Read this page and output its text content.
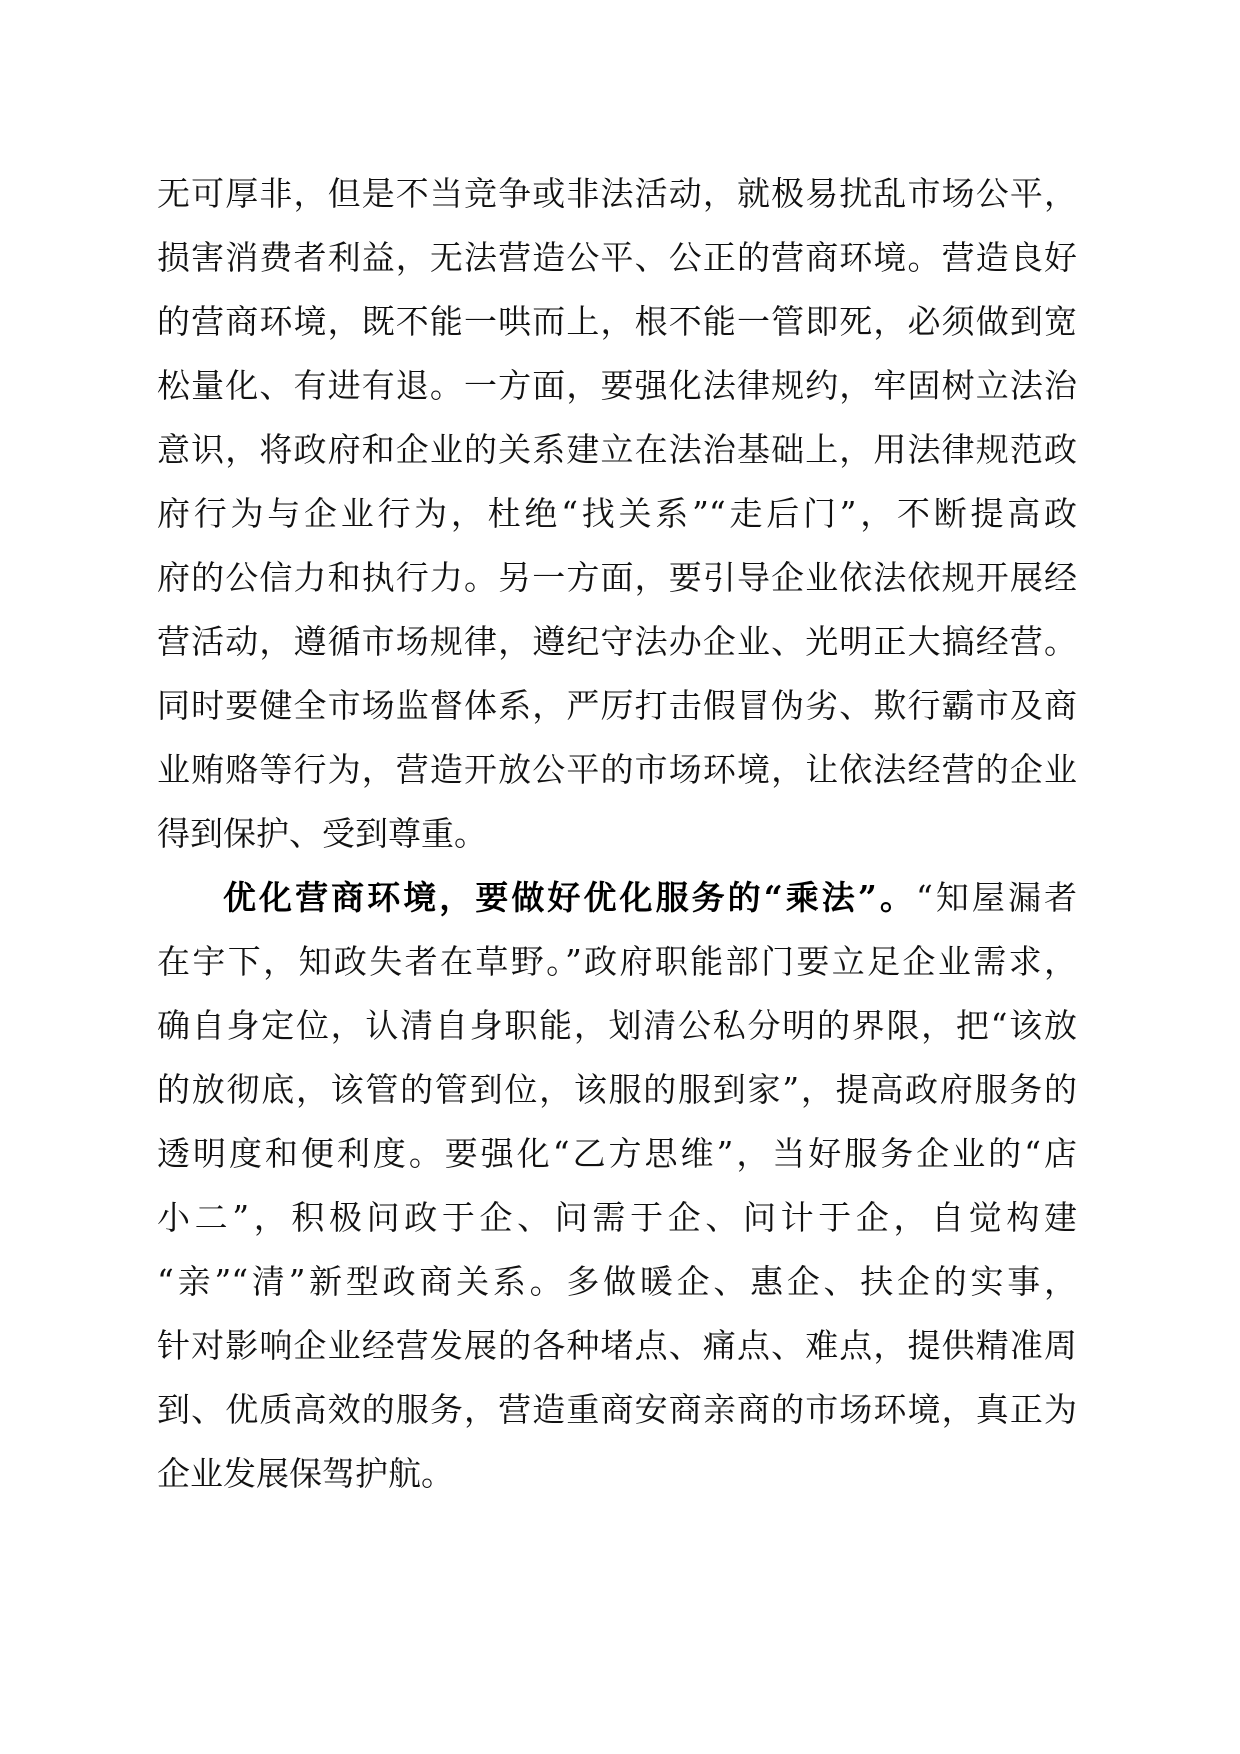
无可厚非，但是不当竞争或非法活动，就极易扰乱市场公平，
损害消费者利益，无法营造公平、公正的营商环境。营造良好
的营商环境，既不能一哄而上，根不能一管即死，必须做到宽
松量化、有进有退。一方面，要强化法律规约，牢固树立法治
意识，将政府和企业的关系建立在法治基础上，用法律规范政
府行为与企业行为，杜绝“找关系”“走后门”，不断提高政
府的公信力和执行力。另一方面，要引导企业依法依规开展经
营活动，遵循市场规律，遵纪守法办企业、光明正大搞经营。
同时要健全市场监督体系，严厉打击假冒伪劣、欺行霸市及商
业贿赂等行为，营造开放公平的市场环境，让依法经营的企业
得到保护、受到尊重。
优化营商环境，要做好优化服务的“乘法”。“知屋漏者
在宇下，知政失者在草野。”政府职能部门要立足企业需求，
确自身定位，认清自身职能，划清公私分明的界限，把“该放
的放彻底，该管的管到位，该服的服到家”，提高政府服务的
透明度和便利度。要强化“乙方思维”，当好服务企业的“店
小二”，积极问政于企、问需于企、问计于企，自觉构建
“亲”“清”新型政商关系。多做暖企、惠企、扶企的实事，
针对影响企业经营发展的各种堵点、痛点、难点，提供精准周
到、优质高效的服务，营造重商安商亲商的市场环境，真正为
企业发展保驾护航。
